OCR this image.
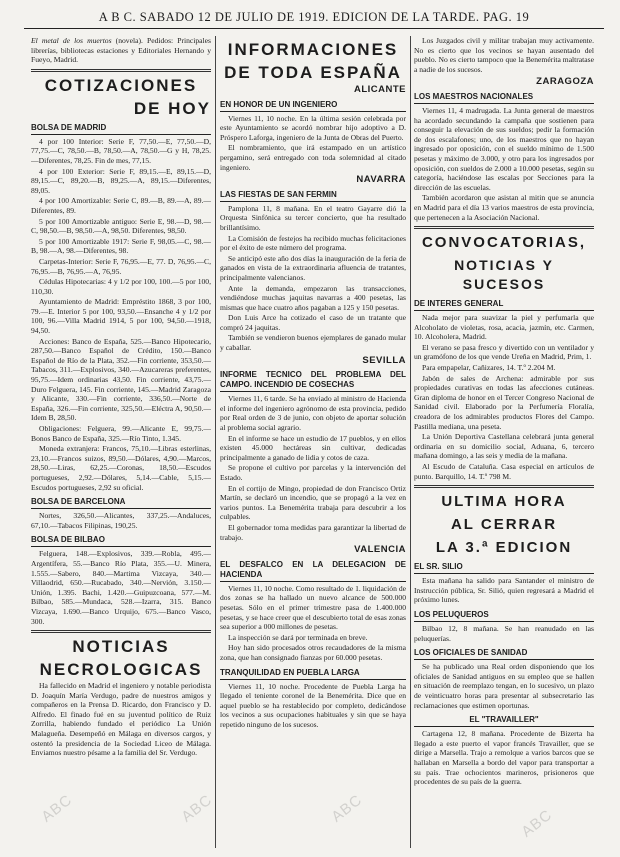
A B C. SABADO 12 DE JULIO DE 1919. EDICION DE LA TARDE. PAG. 19

El metal de los muertos (novela). Pedidos: Principales librerías, bibliotecas estaciones y Editoriales Hernando y Fueyo, Madrid.

COTIZACIONES
DE HOY
BOLSA DE MADRID

4 por 100 Interior: Serie F, 77,50.—E, 77,50.—D, 77,75.—C, 78,50.—B, 78,50.—A, 78,50.—G y H, 78,25.—Diferentes, 78,25. Fin de mes, 77,15.

4 por 100 Exterior: Serie F, 89,15.—E, 89,15.—D, 89,15.—C, 89,20.—B, 89,25.—A, 89,15.—Diferentes, 89,05.

4 por 100 Amortizable: Serie C, 89.—B, 89.—A, 89.—Diferentes, 89.

5 por 100 Amortizable antiguo: Serie E, 98.—D, 98.—C, 98,50.—B, 98,50.—A, 98,50. Diferentes, 98,50.

5 por 100 Amortizable 1917: Serie F, 98,05.—C, 98.—B, 98.—A, 98.—Diferentes, 98.

Carpetas-Interior: Serie F, 76,95.—E, 77. D, 76,95.—C, 76,95.—B, 76,95.—A, 76,95.

Cédulas Hipotecarias: 4 y 1/2 por 100, 100.—5 por 100, 110,30.

Ayuntamiento de Madrid: Empréstito 1868, 3 por 100, 79.—E. Interior 5 por 100, 93,50.—Ensanche 4 y 1/2 por 100, 96.—Villa Madrid 1914, 5 por 100, 94,50.—1918, 94,50.

Acciones: Banco de España, 525.—Banco Hipotecario, 287,50.—Banco Español de Crédito, 150.—Banco Español de Río de la Plata, 352.—Fin corriente, 353,50.—Tabacos, 311.—Explosivos, 340.—Azucareras preferentes, 95,75.—Idem ordinarias 43,50. Fin corriente, 43,75.—Duro Felguera, 145. Fin corriente, 145.—Madrid Zaragoza y Alicante, 330.—Fin corriente, 336,50.—Norte de España, 326.—Fin corriente, 325,50.—Eléctra A, 90,50.—Idem B, 28,50.

Obligaciones: Felguera, 99.—Alicante E, 99,75.—Bonos Banco de España, 325.—Río Tinto, 1.345.

Moneda extranjera: Francos, 75,10.—Libras esterlinas, 23,10.—Francos suizos, 89,50.—Dólares, 4,90.—Marcos, 28,50.—Liras, 62,25.—Coronas, 18,50.—Escudos portugueses, 2,92.—Dólares, 5,14.—Cable, 5,15.—Escudos portugueses, 2,92 su oficial.

BOLSA DE BARCELONA

Nortes, 326,50.—Alicantes, 337,25.—Andaluces, 67,10.—Tabacos Filipinas, 190,25.

BOLSA DE BILBAO

Felguera, 148.—Explosivos, 339.—Robla, 495.—Argentífera, 55.—Banco Río Plata, 355.—U. Minera, 1.555.—Sabero, 840.—Martima Vizcaya, 340.—Villaodrid, 650.—Rucabado, 340.—Nervión, 3.150.—Unión, 1.395. Bachi, 1.420.—Guipuzcoana, 577.—M. Bilbao, 585.—Mundaca, 528.—Izarra, 315. Banco Vizcaya, 1.690.—Banco Urquijo, 675.—Banco Vasco, 300.

NOTICIAS
NECROLOGICAS

Ha fallecido en Madrid el ingeniero y notable periodista D. Joaquín María Verdugo, padre de nuestros amigos y compañeros en la Prensa D. Ricardo, don Francisco y D. Alfredo. El finado fué en su juventud político de Ruiz Zorrilla, habiendo fundado el periódico La Unión Malagueña. Desempeñó en Málaga en diversos cargos, y ostentó la presidencia de la Sociedad Liceo de Málaga. Enviamos nuestro pésame a la familia del Sr. Verdugo.

INFORMACIONES
DE TODA ESPAÑA
ALICANTE
EN HONOR DE UN INGENIERO

Viernes 11, 10 noche. En la última sesión celebrada por este Ayuntamiento se acordó nombrar hijo adoptivo a D. Próspero Laforga, ingeniero de la Junta de Obras del Puerto.

El nombramiento, que irá estampado en un artístico pergamino, será entregado con toda solemnidad al citado ingeniero.

NAVARRA
LAS FIESTAS DE SAN FERMIN

Pamplona 11, 8 mañana. En el teatro Gayarre dió la Orquesta Sinfónica su tercer concierto, que ha resultado brillantísimo.

La Comisión de festejos ha recibido muchas felicitaciones por el éxito de este número del programa.

Se anticipó este año dos días la inauguración de la feria de ganados en vista de la extraordinaria afluencia de tratantes, principalmente valencianos.

Ante la demanda, empezaron las transacciones, vendiéndose muchas jaquitas navarras a 400 pesetas, las mismas que hace cuatro años pagaban a 125 y 150 pesetas.

Don Luis Arce ha cotizado el caso de un tratante que compró 24 jaquitas.

También se vendieron buenos ejemplares de ganado mular y caballar.

SEVILLA
INFORME TECNICO DEL PROBLEMA DEL CAMPO. INCENDIO DE COSECHAS

Viernes 11, 6 tarde. Se ha enviado al ministro de Hacienda el informe del ingeniero agrónomo de esta provincia, pedido por Real orden de 3 de junio, con objeto de aportar solución al problema social agrario.

En el informe se hace un estudio de 17 pueblos, y en ellos existen 45.000 hectáreas sin cultivar, dedicadas principalmente a ganado de lidia y cotos de caza.

Se propone el cultivo por parcelas y la intervención del Estado.

En el cortijo de Mingo, propiedad de don Francisco Ortiz Martín, se declaró un incendio, que se propagó a la vez en varios puntos. La Benemérita trabaja para descubrir a los culpables.

El gobernador toma medidas para garantizar la libertad de trabajo.

VALENCIA
EL DESFALCO EN LA DELEGACION DE HACIENDA

Viernes 11, 10 noche. Como resultado de 1. liquidación de dos zonas se ha hallado un nuevo alcance de 500.000 pesetas. Sólo en el primer trimestre pasa de 1.400.000 pesetas, y se hace creer que el descubierto total de esas zonas sea superior a 000 millones de pesetas.

La inspección se dará por terminada en breve.

Hoy han sido procesados otros recaudadores de la misma zona, que han consignado fianzas por 60.000 pesetas.

TRANQUILIDAD EN PUEBLA LARGA

Viernes 11, 10 noche. Procedente de Puebla Larga ha llegado el teniente coronel de la Benemérita. Dice que en aquel pueblo se ha restablecido por completo, dedicándose los vecinos a sus ocupaciones habituales y sin que se haya repetido ninguno de los sucesos.

Los Juzgados civil y militar trabajan muy activamente. No es cierto que los vecinos se hayan ausentado del pueblo. No es cierto tampoco que la Benemérita maltratase a nadie de los sucesos.

ZARAGOZA
LOS MAESTROS NACIONALES

Viernes 11, 4 madrugada. La Junta general de maestros ha acordado secundando la campaña que sostienen para conseguir la elevación de sus sueldos; pedir la formación de dos escalafones; uno, de los maestros que no hayan ingresado por oposición, con el sueldo mínimo de 1.500 pesetas y máximo de 3.000, y otro para los ingresados por oposición, con sueldos de 2.000 a 10.000 pesetas, según su categoría, haciéndose las escalas por Secciones para la dirección de las escuelas.

También acordaron que asistan al mitin que se anuncia en Madrid para el día 13 varios maestros de esta provincia, que pertenecen a la Asociación Nacional.

CONVOCATORIAS,
NOTICIAS Y SUCESOS
DE INTERES GENERAL

Nada mejor para suavizar la piel y perfumarla que Alcoholato de violetas, rosa, acacia, jazmín, etc. Carmen, 10. Alcoholera, Madrid.

El verano se pasa fresco y divertido con un ventilador y un gramófono de los que vende Ureña en Madrid, Prim, 1.

Para empapelar, Cañizares, 14. T.º 2.204 M.

Jabón de sales de Archena: admirable por sus propiedades curativas en todas las afecciones cutáneas. Gran diploma de honor en el Tercer Congreso Nacional de Sanidad civil. Elaborado por la Perfumería Floralía, creadora de los admirables productos Flores del Campo. Pastilla mediana, una peseta.

La Unión Deportiva Castellana celebrará junta general ordinaria en su domicilio social, Aduana, 6, tercero mañana domingo, a las seis y media de la mañana.

Al Escudo de Cataluña. Casa especial en artículos de punto. Barquillo, 14. T.º 798 M.

ULTIMA HORA
AL CERRAR
LA 3.ª EDICION
EL SR. SILIO

Esta mañana ha salido para Santander el ministro de Instrucción pública, Sr. Silió, quien regresará a Madrid el próximo lunes.

LOS PELUQUEROS

Bilbao 12, 8 mañana. Se han reanudado en las peluquerías.

LOS OFICIALES DE SANIDAD

Se ha publicado una Real orden disponiendo que los oficiales de Sanidad antiguos en su empleo que se hallen en situación de reemplazo tengan, en lo sucesivo, un plazo de veinticuatro horas para presentar al subsecretario las reclamaciones que estimen oportunas.

EL "TRAVAILLER"

Cartagena 12, 8 mañana. Procedente de Bizerta ha llegado a este puerto el vapor francés Travailler, que se dirige a Marsella. Trajo a remolque a varios barcos que se hallaban en Marsella a bordo del vapor para transportar a su país. Trae ochocientos marineros, prisioneros que procedentes de su país de la guerra.

ABC	ABC	ABC	ABC
